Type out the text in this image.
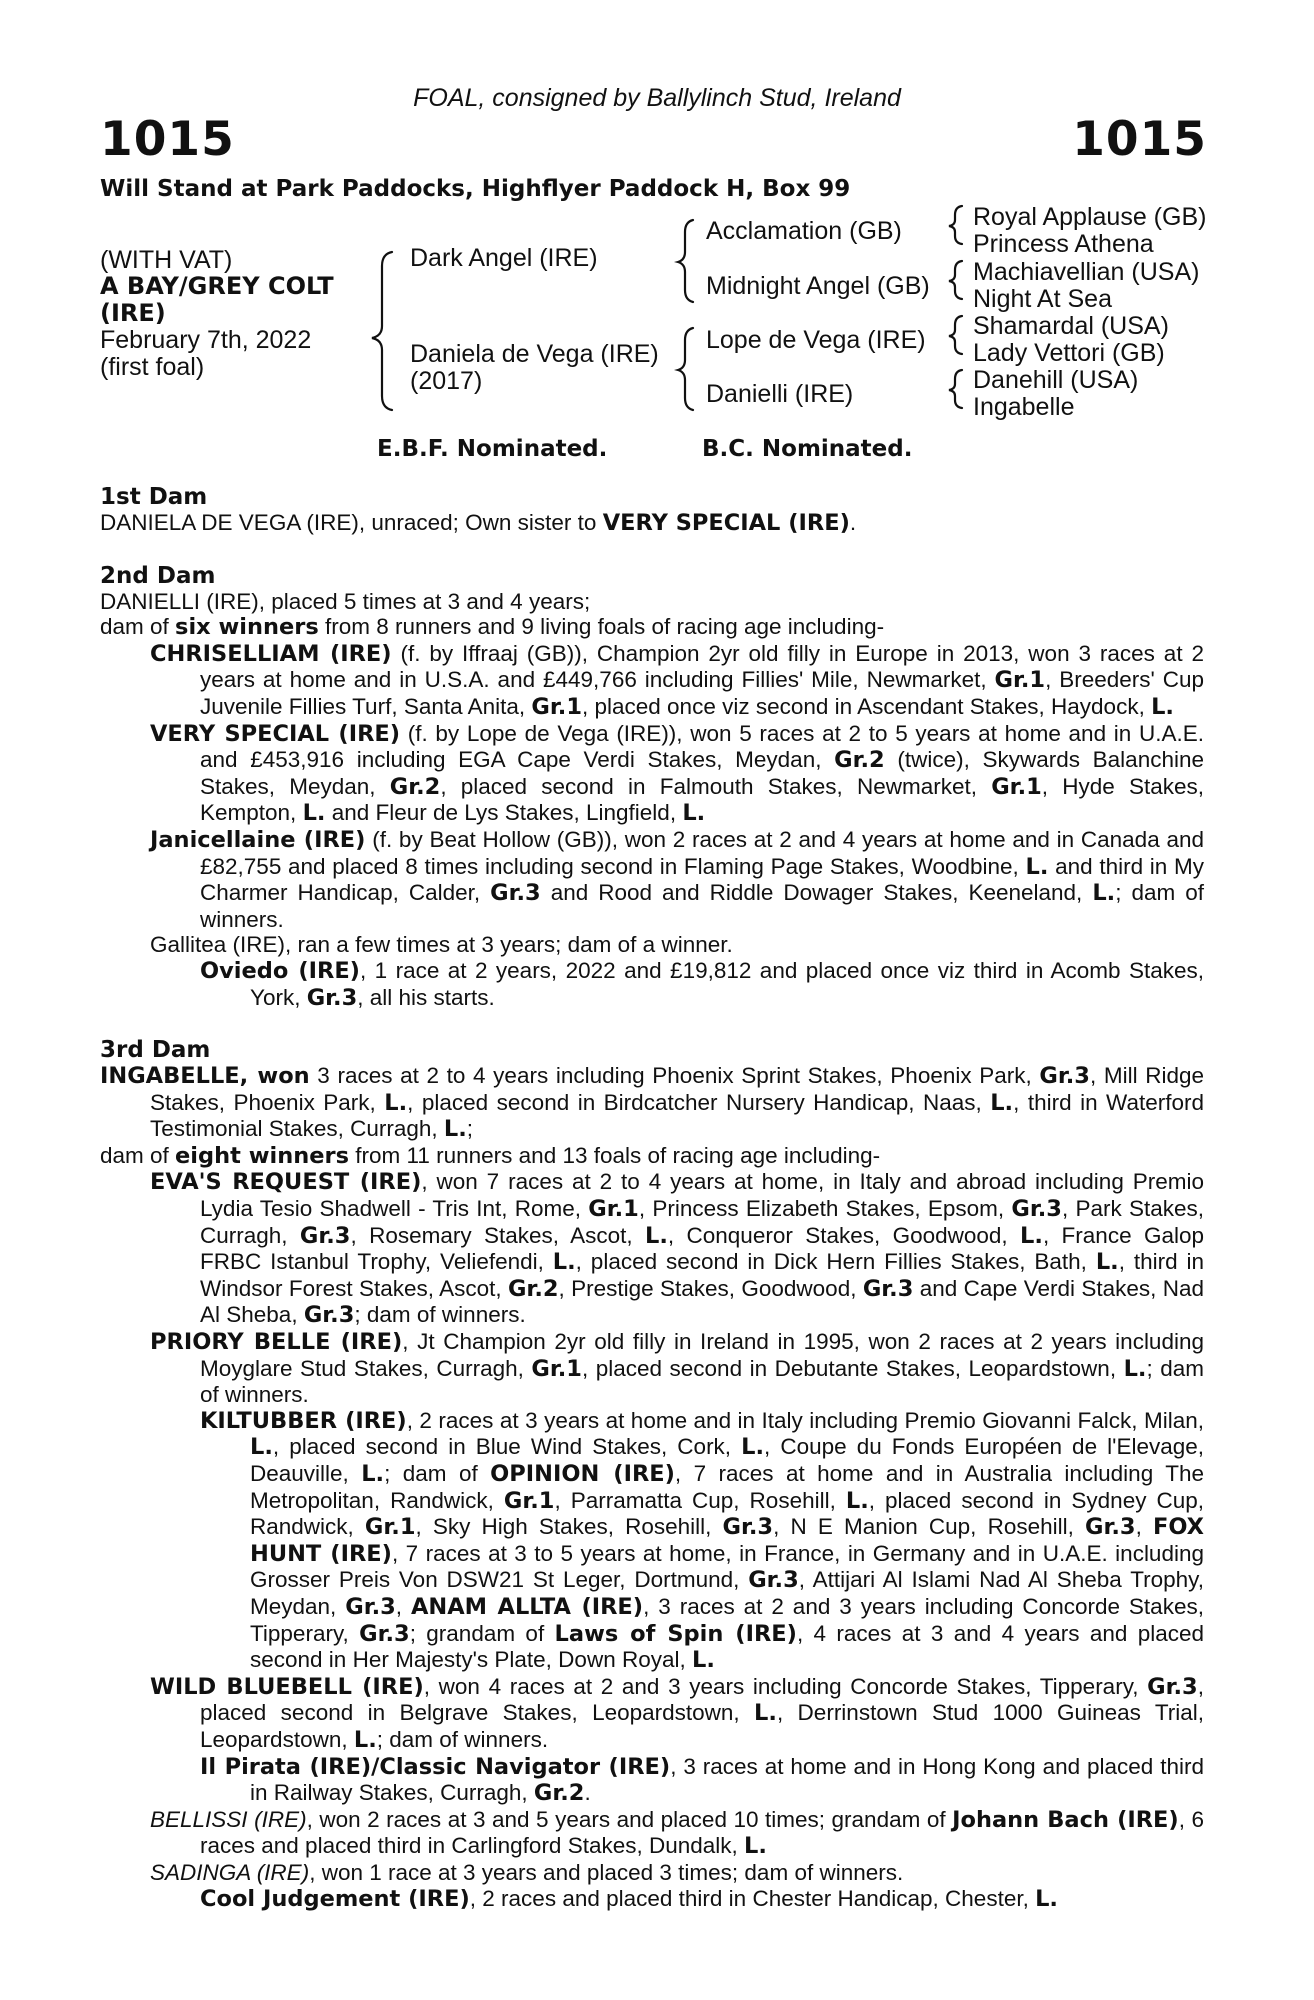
FOAL, consigned by Ballylinch Stud, Ireland
1015	1015
Will Stand at Park Paddocks, Highflyer Paddock H, Box 99
(WITH VAT)
A BAY/GREY COLT
(IRE)
February 7th, 2022
(first foal)
Dark Angel (IRE)
Daniela de Vega (IRE)
(2017)
Acclamation (GB)
Midnight Angel (GB)
Lope de Vega (IRE)
Danielli (IRE)
Royal Applause (GB)
Princess Athena
Machiavellian (USA)
Night At Sea
Shamardal (USA)
Lady Vettori (GB)
Danehill (USA)
Ingabelle
E.B.F. Nominated.	B.C. Nominated.
1st Dam
DANIELA DE VEGA (IRE), unraced; Own sister to VERY SPECIAL (IRE).
2nd Dam
DANIELLI (IRE), placed 5 times at 3 and 4 years;
dam of six winners from 8 runners and 9 living foals of racing age including-
CHRISELLIAM (IRE) (f. by Iffraaj (GB)), Champion 2yr old filly in Europe in 2013, won 3 races at 2 years at home and in U.S.A. and £449,766 including Fillies' Mile, Newmarket, Gr.1, Breeders' Cup Juvenile Fillies Turf, Santa Anita, Gr.1, placed once viz second in Ascendant Stakes, Haydock, L.
VERY SPECIAL (IRE) (f. by Lope de Vega (IRE)), won 5 races at 2 to 5 years at home and in U.A.E. and £453,916 including EGA Cape Verdi Stakes, Meydan, Gr.2 (twice), Skywards Balanchine Stakes, Meydan, Gr.2, placed second in Falmouth Stakes, Newmarket, Gr.1, Hyde Stakes, Kempton, L. and Fleur de Lys Stakes, Lingfield, L.
Janicellaine (IRE) (f. by Beat Hollow (GB)), won 2 races at 2 and 4 years at home and in Canada and £82,755 and placed 8 times including second in Flaming Page Stakes, Woodbine, L. and third in My Charmer Handicap, Calder, Gr.3 and Rood and Riddle Dowager Stakes, Keeneland, L.; dam of winners.
Gallitea (IRE), ran a few times at 3 years; dam of a winner.
Oviedo (IRE), 1 race at 2 years, 2022 and £19,812 and placed once viz third in Acomb Stakes, York, Gr.3, all his starts.
3rd Dam
INGABELLE, won 3 races at 2 to 4 years including Phoenix Sprint Stakes, Phoenix Park, Gr.3, Mill Ridge Stakes, Phoenix Park, L., placed second in Birdcatcher Nursery Handicap, Naas, L., third in Waterford Testimonial Stakes, Curragh, L.;
dam of eight winners from 11 runners and 13 foals of racing age including-
EVA'S REQUEST (IRE), won 7 races at 2 to 4 years at home, in Italy and abroad including Premio Lydia Tesio Shadwell - Tris Int, Rome, Gr.1, Princess Elizabeth Stakes, Epsom, Gr.3, Park Stakes, Curragh, Gr.3, Rosemary Stakes, Ascot, L., Conqueror Stakes, Goodwood, L., France Galop FRBC Istanbul Trophy, Veliefendi, L., placed second in Dick Hern Fillies Stakes, Bath, L., third in Windsor Forest Stakes, Ascot, Gr.2, Prestige Stakes, Goodwood, Gr.3 and Cape Verdi Stakes, Nad Al Sheba, Gr.3; dam of winners.
PRIORY BELLE (IRE), Jt Champion 2yr old filly in Ireland in 1995, won 2 races at 2 years including Moyglare Stud Stakes, Curragh, Gr.1, placed second in Debutante Stakes, Leopardstown, L.; dam of winners.
KILTUBBER (IRE), 2 races at 3 years at home and in Italy including Premio Giovanni Falck, Milan, L., placed second in Blue Wind Stakes, Cork, L., Coupe du Fonds Européen de l'Elevage, Deauville, L.; dam of OPINION (IRE), 7 races at home and in Australia including The Metropolitan, Randwick, Gr.1, Parramatta Cup, Rosehill, L., placed second in Sydney Cup, Randwick, Gr.1, Sky High Stakes, Rosehill, Gr.3, N E Manion Cup, Rosehill, Gr.3, FOX HUNT (IRE), 7 races at 3 to 5 years at home, in France, in Germany and in U.A.E. including Grosser Preis Von DSW21 St Leger, Dortmund, Gr.3, Attijari Al Islami Nad Al Sheba Trophy, Meydan, Gr.3, ANAM ALLTA (IRE), 3 races at 2 and 3 years including Concorde Stakes, Tipperary, Gr.3; grandam of Laws of Spin (IRE), 4 races at 3 and 4 years and placed second in Her Majesty's Plate, Down Royal, L.
WILD BLUEBELL (IRE), won 4 races at 2 and 3 years including Concorde Stakes, Tipperary, Gr.3, placed second in Belgrave Stakes, Leopardstown, L., Derrinstown Stud 1000 Guineas Trial, Leopardstown, L.; dam of winners.
Il Pirata (IRE)/Classic Navigator (IRE), 3 races at home and in Hong Kong and placed third in Railway Stakes, Curragh, Gr.2.
BELLISSI (IRE), won 2 races at 3 and 5 years and placed 10 times; grandam of Johann Bach (IRE), 6 races and placed third in Carlingford Stakes, Dundalk, L.
SADINGA (IRE), won 1 race at 3 years and placed 3 times; dam of winners.
Cool Judgement (IRE), 2 races and placed third in Chester Handicap, Chester, L.
